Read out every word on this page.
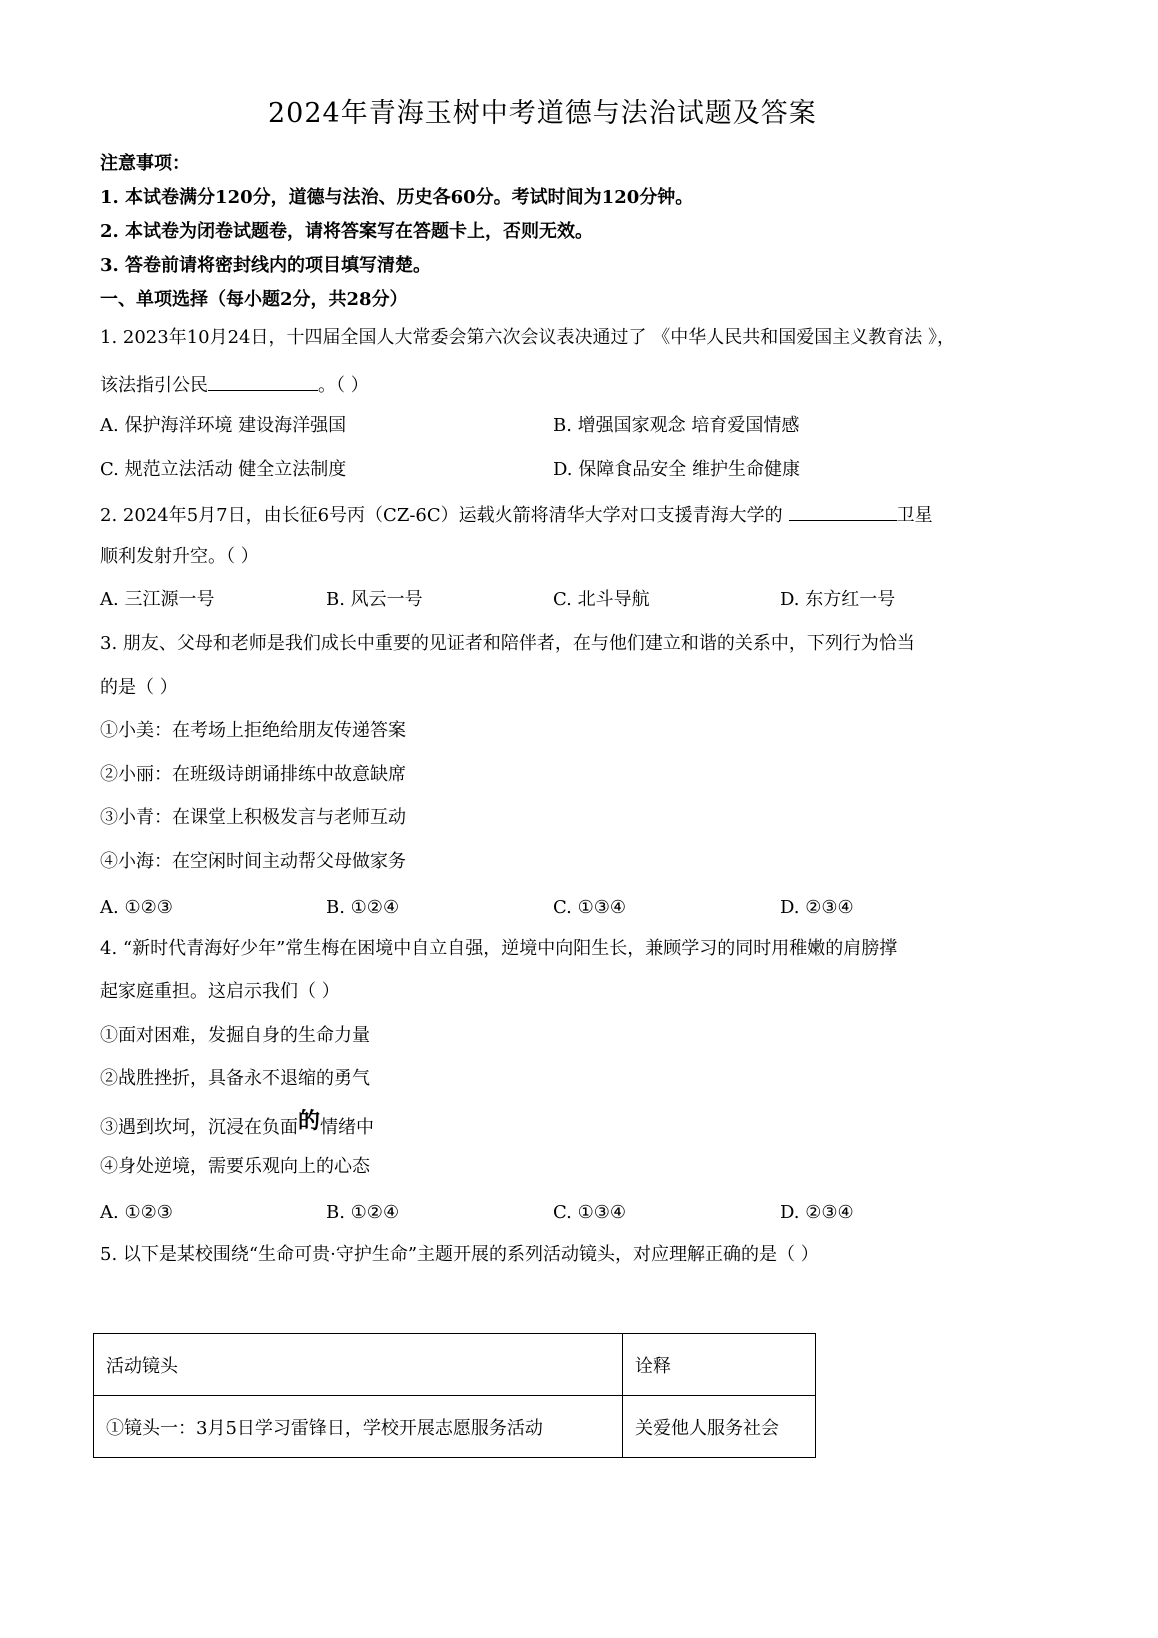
2024年青海玉树中考道德与法治试题及答案
注意事项：
1. 本试卷满分120分，道德与法治、历史各60分。考试时间为120分钟。
2. 本试卷为闭卷试题卷，请将答案写在答题卡上，否则无效。
3. 答卷前请将密封线内的项目填写清楚。
一、单项选择（每小题2分，共28分）
1. 2023年10月24日，十四届全国人大常委会第六次会议表决通过了 《中华人民共和国爱国主义教育法 》，
该法指引公民	。（ ）
A. 保护海洋环境 建设海洋强国	B. 增强国家观念 培育爱国情感
C. 规范立法活动 健全立法制度	D. 保障食品安全 维护生命健康
2. 2024年5月7日，由长征6号丙（CZ-6C）运载火箭将清华大学对口支援青海大学的	卫星
顺利发射升空。（ ）
A. 三江源一号	B. 风云一号	C. 北斗导航	D. 东方红一号
3. 朋友、父母和老师是我们成长中重要的见证者和陪伴者，在与他们建立和谐的关系中，下列行为恰当
的是（ ）
①小美：在考场上拒绝给朋友传递答案
②小丽：在班级诗朗诵排练中故意缺席
③小青：在课堂上积极发言与老师互动
④小海：在空闲时间主动帮父母做家务
A. ①②③	B. ①②④	C. ①③④	D. ②③④
4. “新时代青海好少年”常生梅在困境中自立自强，逆境中向阳生长，兼顾学习的同时用稚嫩的肩膀撑
起家庭重担。这启示我们（ ）
①面对困难，发掘自身的生命力量
②战胜挫折，具备永不退缩的勇气
③遇到坎坷，沉浸在负面的情绪中
④身处逆境，需要乐观向上的心态
A. ①②③	B. ①②④	C. ①③④	D. ②③④
5. 以下是某校围绕“生命可贵·守护生命”主题开展的系列活动镜头，对应理解正确的是（ ）
活动镜头	诠释
①镜头一：3月5日学习雷锋日，学校开展志愿服务活动	关爱他人服务社会
